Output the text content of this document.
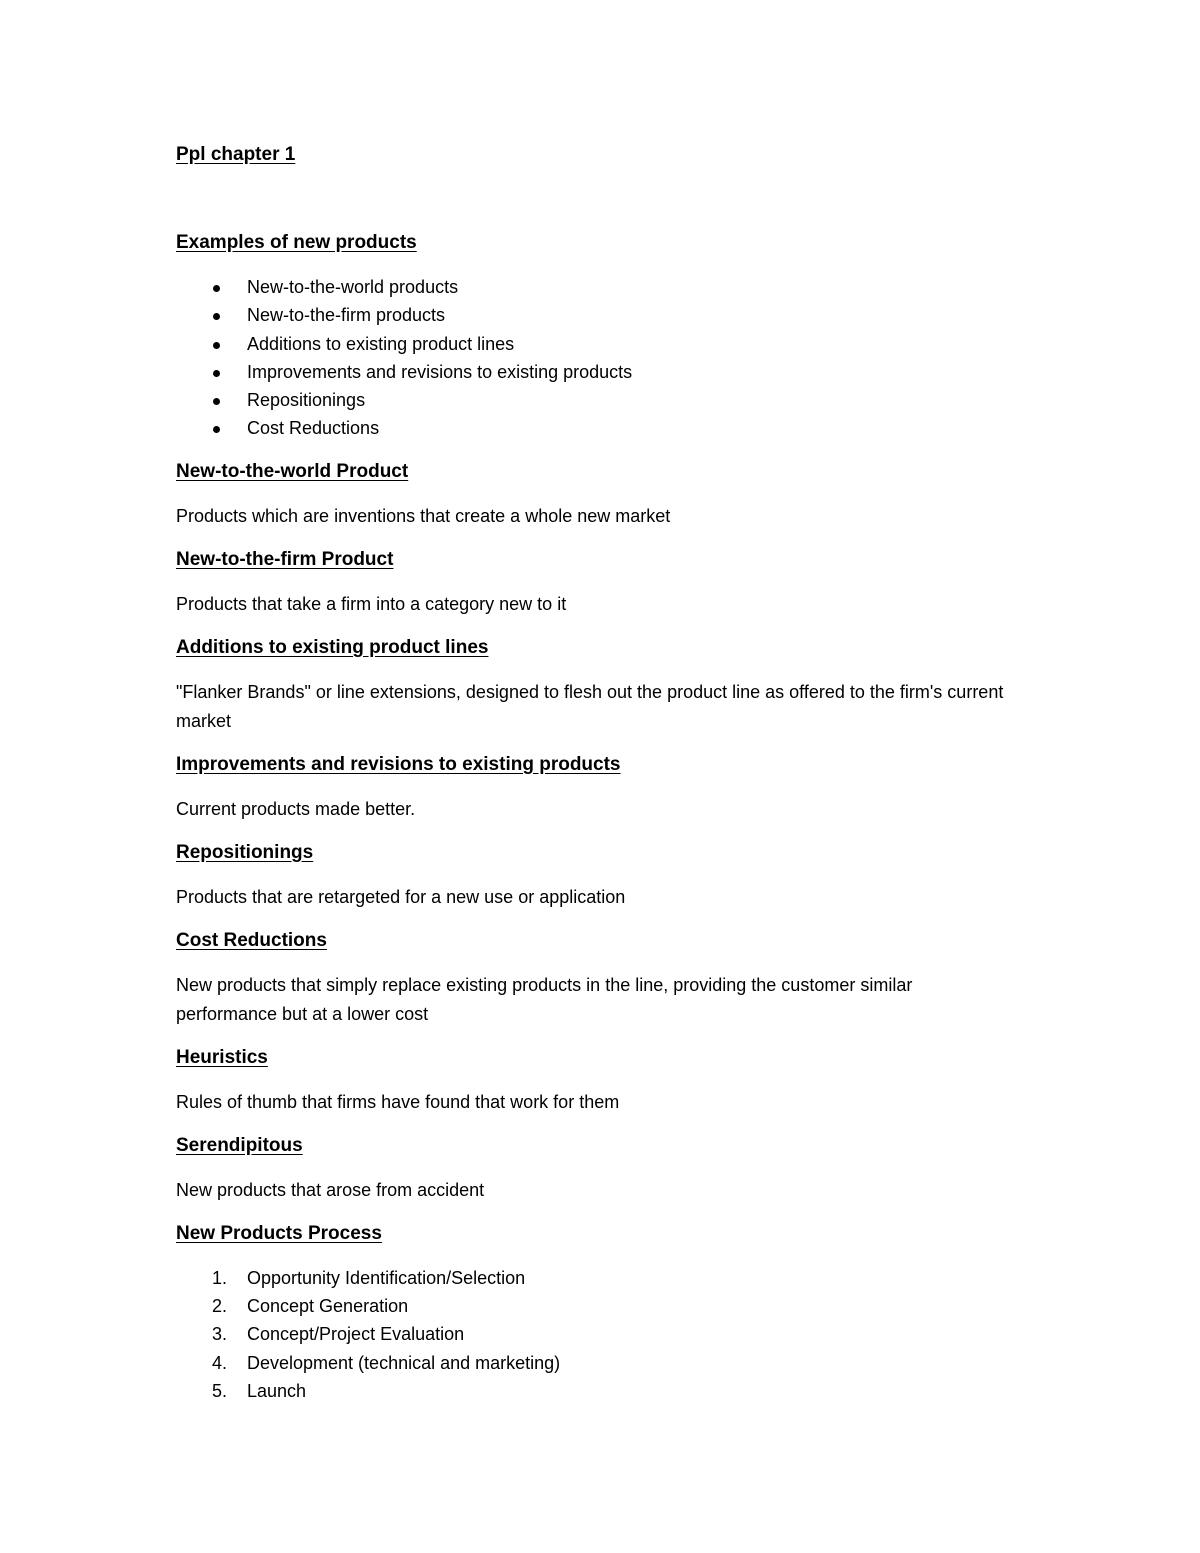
Ppl chapter 1
Examples of new products
New-to-the-world products
New-to-the-firm products
Additions to existing product lines
Improvements and revisions to existing products
Repositionings
Cost Reductions
New-to-the-world Product

Products which are inventions that create a whole new market

New-to-the-firm Product

Products that take a firm into a category new to it

Additions to existing product lines

"Flanker Brands" or line extensions, designed to flesh out the product line as offered to the firm's current market

Improvements and revisions to existing products

Current products made better.

Repositionings

Products that are retargeted for a new use or application

Cost Reductions

New products that simply replace existing products in the line, providing the customer similar performance but at a lower cost

Heuristics

Rules of thumb that firms have found that work for them

Serendipitous

New products that arose from accident

New Products Process
1.	Opportunity Identification/Selection
2.	Concept Generation
3.	Concept/Project Evaluation
4.	Development (technical and marketing)
5.	Launch
